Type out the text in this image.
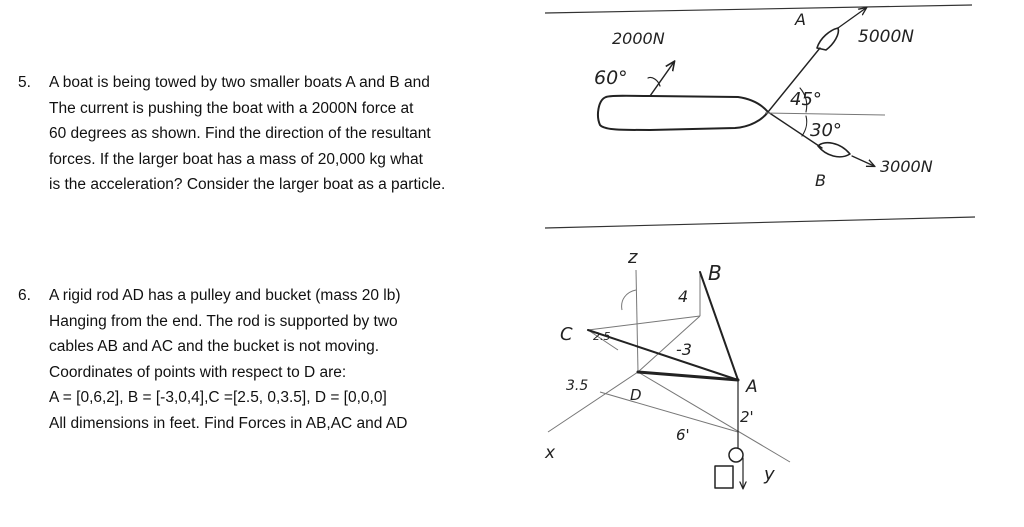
5. A boat is being towed by two smaller boats A and B and
The current is pushing the boat with a 2000N force at
60 degrees as shown. Find the direction of the resultant
forces. If the larger boat has a mass of 20,000 kg what
is the acceleration? Consider the larger boat as a particle.
6. A rigid rod AD has a pulley and bucket (mass 20 lb)
Hanging from the end. The rod is supported by two
cables AB and AC and the bucket is not moving.
Coordinates of points with respect to D are:
A = [0,6,2], B = [-3,0,4],C =[2.5, 0,3.5], D = [0,0,0]
All dimensions in feet. Find Forces in AB,AC and AD
2000N
60°
A
5000N
45°
30°
B
3000N
z
B
4
C 2.5
-3
3.5	A
D
2'
6'
x
y
